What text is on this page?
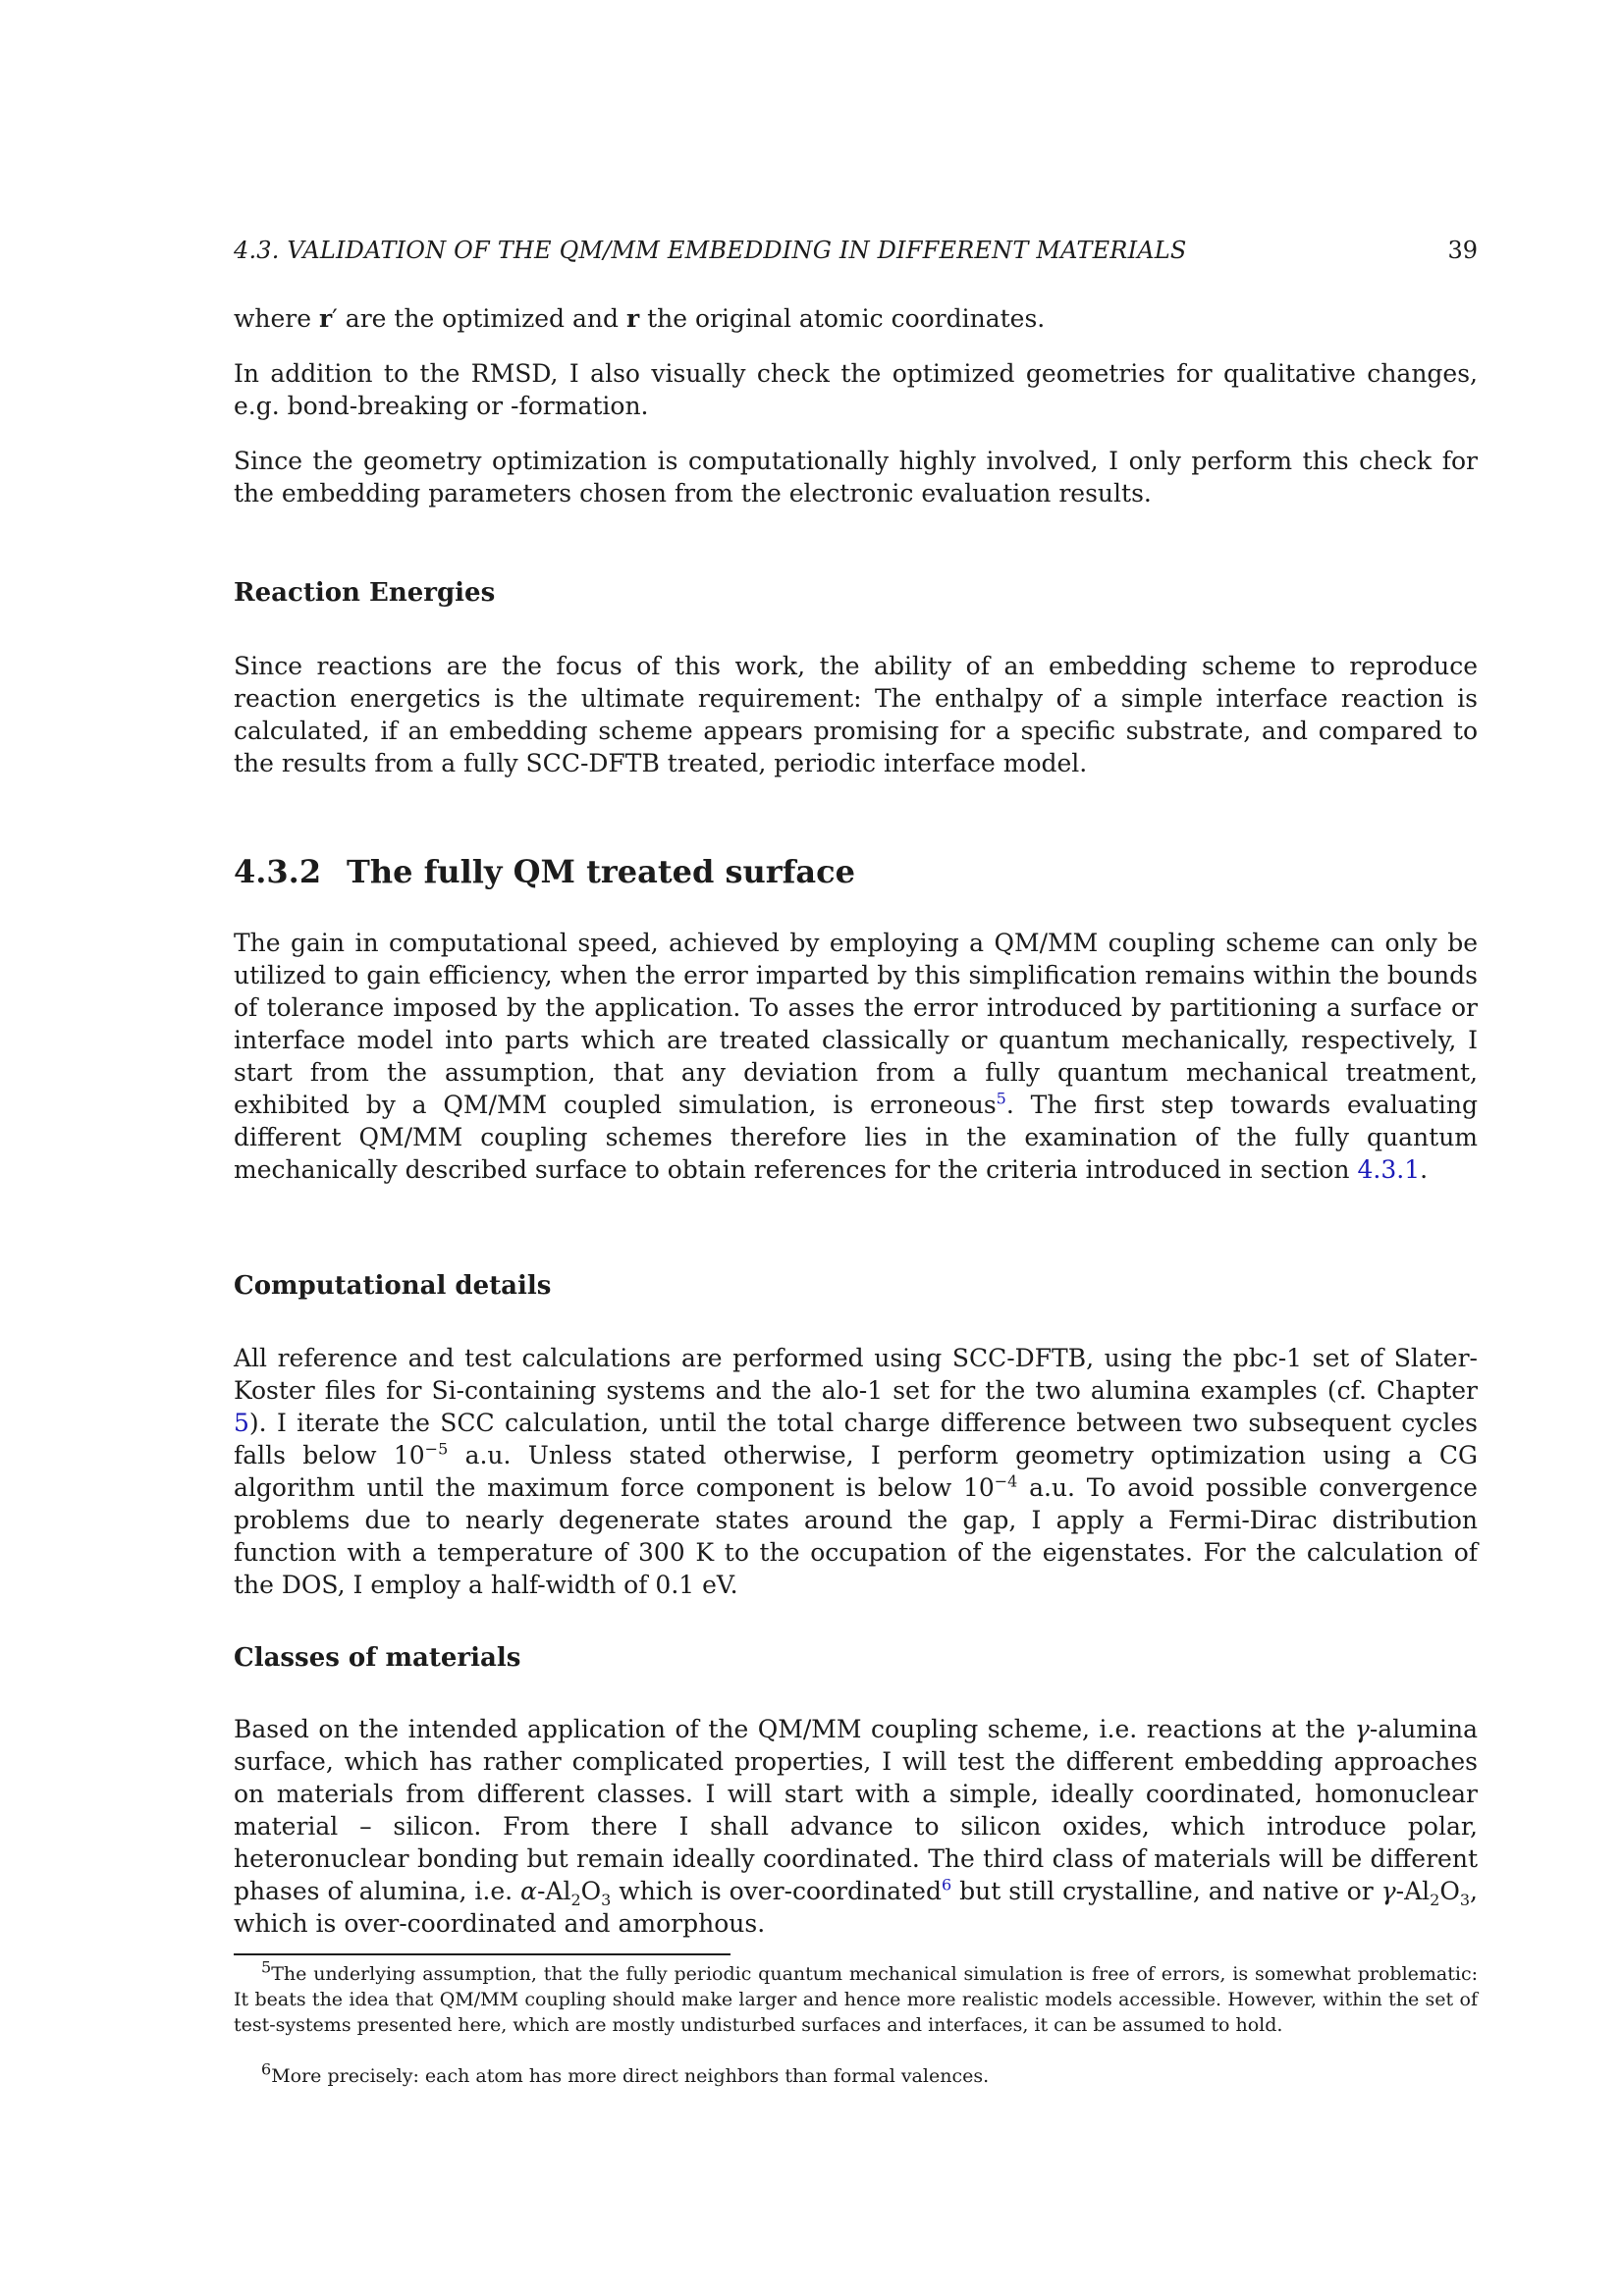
4.3. VALIDATION OF THE QM/MM EMBEDDING IN DIFFERENT MATERIALS	39

where r′ are the optimized and r the original atomic coordinates.

In addition to the RMSD, I also visually check the optimized geometries for qualitative changes, e.g. bond-breaking or -formation.

Since the geometry optimization is computationally highly involved, I only perform this check for the embedding parameters chosen from the electronic evaluation results.

Reaction Energies

Since reactions are the focus of this work, the ability of an embedding scheme to reproduce reaction energetics is the ultimate requirement: The enthalpy of a simple interface reaction is calculated, if an embedding scheme appears promising for a specific substrate, and compared to the results from a fully SCC-DFTB treated, periodic interface model.

4.3.2 The fully QM treated surface

The gain in computational speed, achieved by employing a QM/MM coupling scheme can only be utilized to gain efficiency, when the error imparted by this simplification remains within the bounds of tolerance imposed by the application. To asses the error introduced by partitioning a surface or interface model into parts which are treated classically or quantum mechanically, respectively, I start from the assumption, that any deviation from a fully quantum mechanical treatment, exhibited by a QM/MM coupled simulation, is erroneous$^5$. The first step towards evaluating different QM/MM coupling schemes therefore lies in the examination of the fully quantum mechanically described surface to obtain references for the criteria introduced in section 4.3.1.

Computational details

All reference and test calculations are performed using SCC-DFTB, using the pbc-1 set of Slater-Koster files for Si-containing systems and the alo-1 set for the two alumina examples (cf. Chapter 5). I iterate the SCC calculation, until the total charge difference between two subsequent cycles falls below $10^{-5}$ a.u. Unless stated otherwise, I perform geometry optimization using a CG algorithm until the maximum force component is below $10^{-4}$ a.u. To avoid possible convergence problems due to nearly degenerate states around the gap, I apply a Fermi-Dirac distribution function with a temperature of 300 K to the occupation of the eigenstates. For the calculation of the DOS, I employ a half-width of 0.1 eV.

Classes of materials

Based on the intended application of the QM/MM coupling scheme, i.e. reactions at the γ-alumina surface, which has rather complicated properties, I will test the different embedding approaches on materials from different classes. I will start with a simple, ideally coordinated, homonuclear material – silicon. From there I shall advance to silicon oxides, which introduce polar, heteronuclear bonding but remain ideally coordinated. The third class of materials will be different phases of alumina, i.e. $\alpha-Al_2O_3$ which is over-coordinated$^6$ but still crystalline, and native or $\gamma-Al_2O_3$, which is over-coordinated and amorphous.

$^5$The underlying assumption, that the fully periodic quantum mechanical simulation is free of errors, is somewhat problematic: It beats the idea that QM/MM coupling should make larger and hence more realistic models accessible. However, within the set of test-systems presented here, which are mostly undisturbed surfaces and interfaces, it can be assumed to hold.

$^6$More precisely: each atom has more direct neighbors than formal valences.
